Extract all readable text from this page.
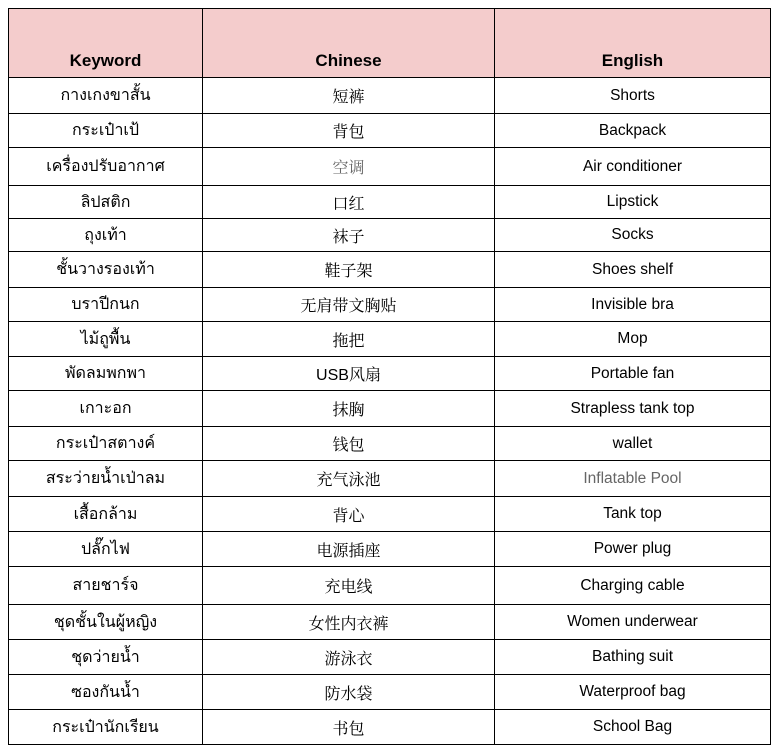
Keyword	Chinese	English
กางเกงขาสั้น	短裤	Shorts
กระเป๋าเป้	背包	Backpack
เครื่องปรับอากาศ	空调	Air conditioner
ลิปสติก	口红	Lipstick
ถุงเท้า	袜子	Socks
ชั้นวางรองเท้า	鞋子架	Shoes shelf
บราปีกนก	无肩带文胸贴	Invisible bra
ไม้ถูพื้น	拖把	Mop
พัดลมพกพา	USB风扇	Portable fan
เกาะอก	抹胸	Strapless tank top
กระเป๋าสตางค์	钱包	wallet
สระว่ายน้ำเป่าลม	充气泳池	Inflatable Pool
เสื้อกล้าม	背心	Tank top
ปลั๊กไฟ	电源插座	Power plug
สายชาร์จ	充电线	Charging cable
ชุดชั้นในผู้หญิง	女性内衣裤	Women underwear
ชุดว่ายน้ำ	游泳衣	Bathing suit
ซองกันน้ำ	防水袋	Waterproof bag
กระเป๋านักเรียน	书包	School Bag
